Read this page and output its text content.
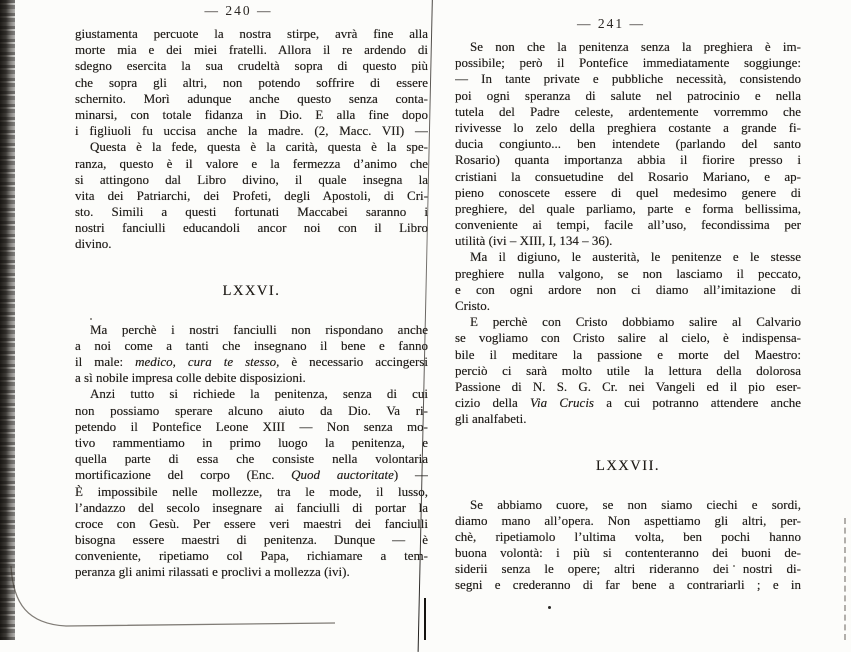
— 240 —
giustamenta percuote la nostra stirpe, avrà fine alla
morte mia e dei miei fratelli. Allora il re ardendo di
sdegno esercita la sua crudeltà sopra di questo più
che sopra gli altri, non potendo soffrire di essere
schernito. Morì adunque anche questo senza conta-
minarsi, con totale fidanza in Dio. E alla fine dopo
i figliuoli fu uccisa anche la madre. (2, Macc. VII) —
Questa è la fede, questa è la carità, questa è la spe-
ranza, questo è il valore e la fermezza d’animo che
si attingono dal Libro divino, il quale insegna la
vita dei Patriarchi, dei Profeti, degli Apostoli, di Cri-
sto. Simili a questi fortunati Maccabei saranno i
nostri fanciulli educandoli ancor noi con il Libro
divino.
LXXVI.
Ma perchè i nostri fanciulli non rispondano anche
a noi come a tanti che insegnano il bene e fanno
il male: medico, cura te stesso, è necessario accingersi
a sì nobile impresa colle debite disposizioni.
Anzi tutto si richiede la penitenza, senza di cui
non possiamo sperare alcuno aiuto da Dio. Va ri-
petendo il Pontefice Leone XIII — Non senza mo-
tivo rammentiamo in primo luogo la penitenza, e
quella parte di essa che consiste nella volontaria
mortificazione del corpo (Enc. Quod auctoritate) —
È impossibile nelle mollezze, tra le mode, il lusso,
l’andazzo del secolo insegnare ai fanciulli di portar la
croce con Gesù. Per essere veri maestri dei fanciulli
bisogna essere maestri di penitenza. Dunque — è
conveniente, ripetiamo col Papa, richiamare a tem-
peranza gli animi rilassati e proclivi a mollezza (ivi).
— 241 —
Se non che la penitenza senza la preghiera è im-
possibile; però il Pontefice immediatamente soggiunge:
— In tante private e pubbliche necessità, consistendo
poi ogni speranza di salute nel patrocinio e nella
tutela del Padre celeste, ardentemente vorremmo che
rivivesse lo zelo della preghiera costante a grande fi-
ducia congiunto... ben intendete (parlando del santo
Rosario) quanta importanza abbia il fiorire presso i
cristiani la consuetudine del Rosario Mariano, e ap-
pieno conoscete essere di quel medesimo genere di
preghiere, del quale parliamo, parte e forma bellissima,
conveniente ai tempi, facile all’uso, fecondissima per
utilità (ivi – XIII, I, 134 – 36).
Ma il digiuno, le austerità, le penitenze e le stesse
preghiere nulla valgono, se non lasciamo il peccato,
e con ogni ardore non ci diamo all’imitazione di
Cristo.
E perchè con Cristo dobbiamo salire al Calvario
se vogliamo con Cristo salire al cielo, è indispensa-
bile il meditare la passione e morte del Maestro:
perciò ci sarà molto utile la lettura della dolorosa
Passione di N. S. G. Cr. nei Vangeli ed il pio eser-
cizio della Via Crucis a cui potranno attendere anche
gli analfabeti.
LXXVII.
Se abbiamo cuore, se non siamo ciechi e sordi,
diamo mano all’opera. Non aspettiamo gli altri, per-
chè, ripetiamolo l’ultima volta, ben pochi hanno
buona volontà: i più si contenteranno dei buoni de-
siderii senza le opere; altri rideranno dei nostri di-
segni e crederanno di far bene a contrariarli ; e in
